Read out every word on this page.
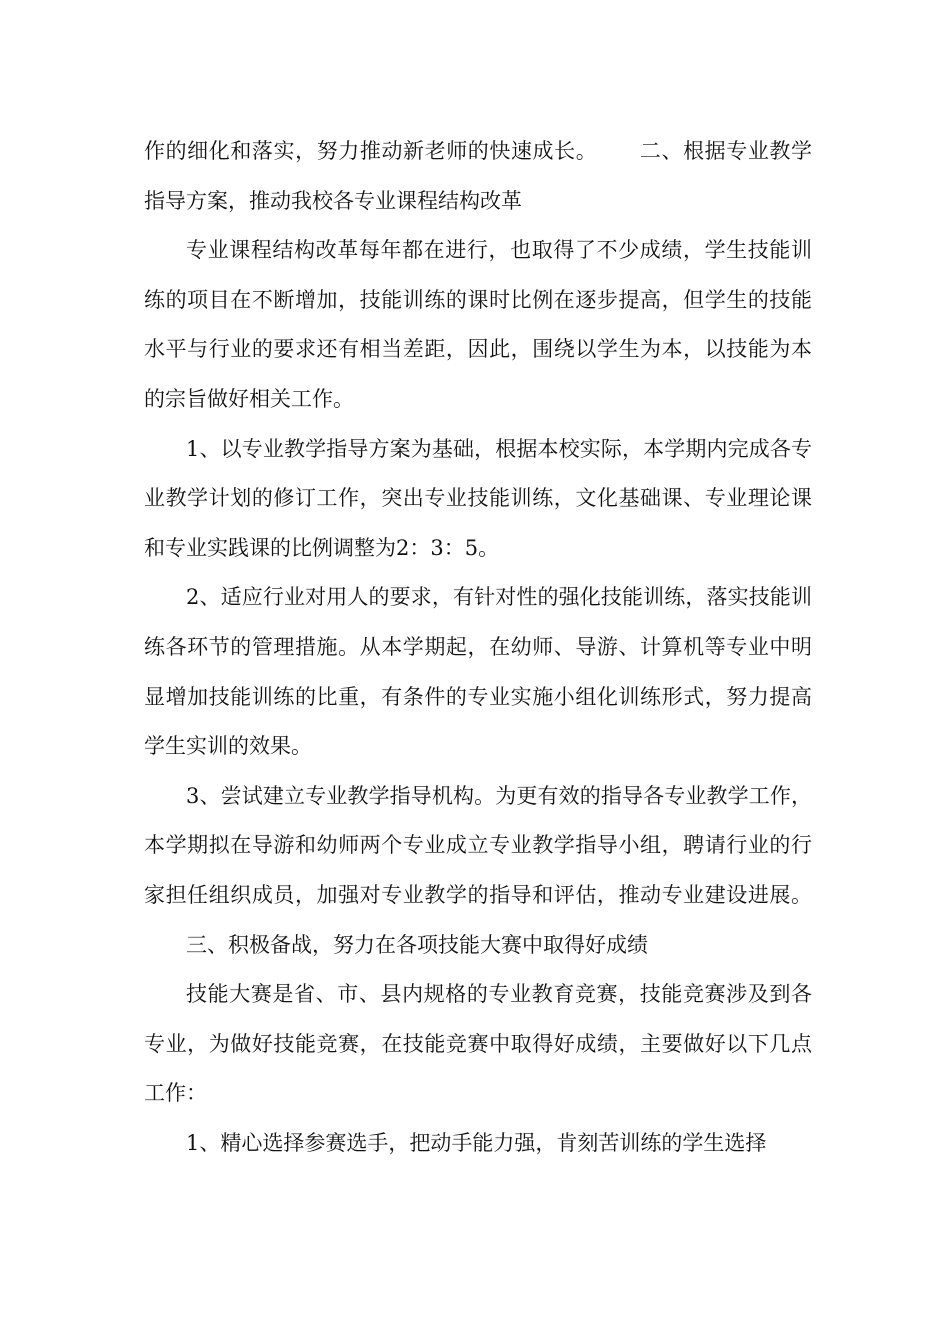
作的细化和落实，努力推动新老师的快速成长。 二、根据专业教学指导方案，推动我校各专业课程结构改革

专业课程结构改革每年都在进行，也取得了不少成绩，学生技能训练的项目在不断增加，技能训练的课时比例在逐步提高，但学生的技能水平与行业的要求还有相当差距，因此，围绕以学生为本，以技能为本的宗旨做好相关工作。

1、以专业教学指导方案为基础，根据本校实际，本学期内完成各专业教学计划的修订工作，突出专业技能训练，文化基础课、专业理论课和专业实践课的比例调整为2：3：5。

2、适应行业对用人的要求，有针对性的强化技能训练，落实技能训练各环节的管理措施。从本学期起，在幼师、导游、计算机等专业中明显增加技能训练的比重，有条件的专业实施小组化训练形式，努力提高学生实训的效果。

3、尝试建立专业教学指导机构。为更有效的指导各专业教学工作，本学期拟在导游和幼师两个专业成立专业教学指导小组，聘请行业的行家担任组织成员，加强对专业教学的指导和评估，推动专业建设进展。三、积极备战，努力在各项技能大赛中取得好成绩

技能大赛是省、市、县内规格的专业教育竞赛，技能竞赛涉及到各专业，为做好技能竞赛，在技能竞赛中取得好成绩，主要做好以下几点工作：

1、精心选择参赛选手，把动手能力强，肯刻苦训练的学生选择
